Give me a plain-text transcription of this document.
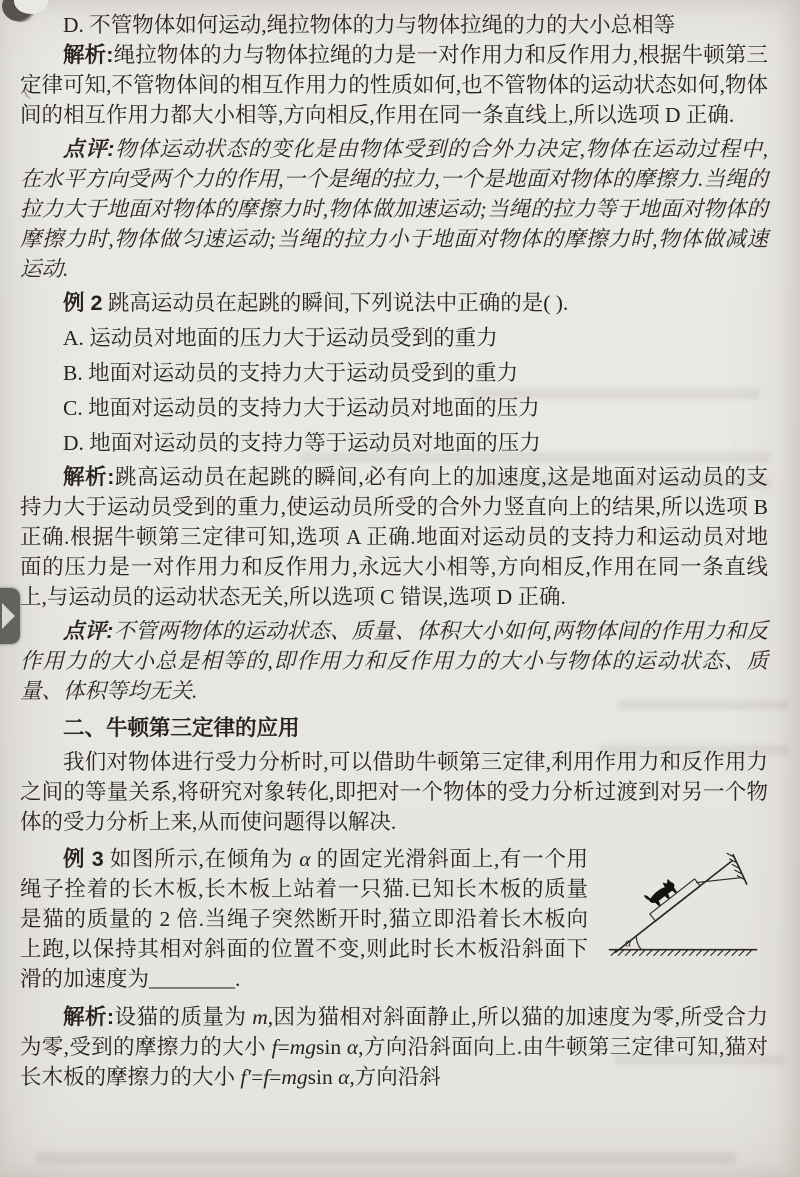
D. 不管物体如何运动,绳拉物体的力与物体拉绳的力的大小总相等

解析:绳拉物体的力与物体拉绳的力是一对作用力和反作用力,根据牛顿第三定律可知,不管物体间的相互作用力的性质如何,也不管物体的运动状态如何,物体间的相互作用力都大小相等,方向相反,作用在同一条直线上,所以选项 D 正确.

点评:物体运动状态的变化是由物体受到的合外力决定,物体在运动过程中,在水平方向受两个力的作用,一个是绳的拉力,一个是地面对物体的摩擦力.当绳的拉力大于地面对物体的摩擦力时,物体做加速运动;当绳的拉力等于地面对物体的摩擦力时,物体做匀速运动;当绳的拉力小于地面对物体的摩擦力时,物体做减速运动.

例 2 跳高运动员在起跳的瞬间,下列说法中正确的是( ).

A. 运动员对地面的压力大于运动员受到的重力

B. 地面对运动员的支持力大于运动员受到的重力

C. 地面对运动员的支持力大于运动员对地面的压力

D. 地面对运动员的支持力等于运动员对地面的压力

解析:跳高运动员在起跳的瞬间,必有向上的加速度,这是地面对运动员的支持力大于运动员受到的重力,使运动员所受的合外力竖直向上的结果,所以选项 B 正确.根据牛顿第三定律可知,选项 A 正确.地面对运动员的支持力和运动员对地面的压力是一对作用力和反作用力,永远大小相等,方向相反,作用在同一条直线上,与运动员的运动状态无关,所以选项 C 错误,选项 D 正确.

点评:不管两物体的运动状态、质量、体积大小如何,两物体间的作用力和反作用力的大小总是相等的,即作用力和反作用力的大小与物体的运动状态、质量、体积等均无关.

二、牛顿第三定律的应用

我们对物体进行受力分析时,可以借助牛顿第三定律,利用作用力和反作用力之间的等量关系,将研究对象转化,即把对一个物体的受力分析过渡到对另一个物体的受力分析上来,从而使问题得以解决.

α
例 3 如图所示,在倾角为 α 的固定光滑斜面上,有一个用绳子拴着的长木板,长木板上站着一只猫.已知长木板的质量是猫的质量的 2 倍.当绳子突然断开时,猫立即沿着长木板向上跑,以保持其相对斜面的位置不变,则此时长木板沿斜面下滑的加速度为________.

解析:设猫的质量为 m,因为猫相对斜面静止,所以猫的加速度为零,所受合力为零,受到的摩擦力的大小 f=mgsin α,方向沿斜面向上.由牛顿第三定律可知,猫对长木板的摩擦力的大小 f′=f=mgsin α,方向沿斜
